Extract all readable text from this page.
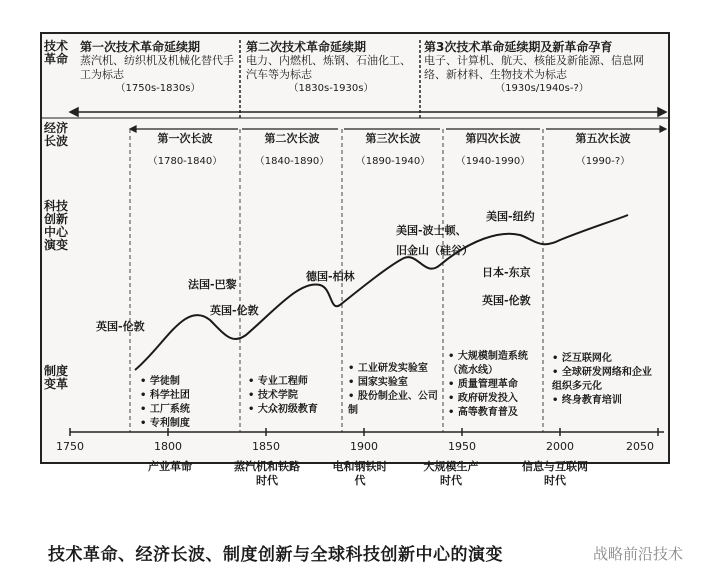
技术革命
经济长波
科技创新中心演变
制度变革
第一次技术革命延续期
蒸汽机、纺织机及机械化替代手工为标志
（1750s-1830s）
第二次技术革命延续期
电力、内燃机、炼钢、石油化工、汽车等为标志
（1830s-1930s）
第3次技术革命延续期及新革命孕育
电子、计算机、航天、核能及新能源、信息网络、新材料、生物技术为标志
（1930s/1940s-?）
第一次长波
（1780-1840）
第二次长波
（1840-1890）
第三次长波
（1890-1940）
第四次长波
（1940-1990）
第五次长波
（1990-?）
英国-伦敦
法国-巴黎
英国-伦敦
德国-柏林
美国-波士顿、
旧金山（硅谷）
美国-纽约
日本-东京
英国-伦敦
• 学徒制
• 科学社团
• 工厂系统
• 专利制度
• 专业工程师
• 技术学院
• 大众初级教育
• 工业研发实验室
• 国家实验室
• 股份制企业、公司制
• 大规模制造系统（流水线）
• 质量管理革命
• 政府研发投入
• 高等教育普及
• 泛互联网化
• 全球研发网络和企业组织多元化
• 终身教育培训
1750	1800	1850	1900	1950	2000	2050
产业革命	蒸汽机和铁路时代
电和钢铁时代
大规模生产时代
信息与互联网时代
技术革命、经济长波、制度创新与全球科技创新中心的演变	战略前沿技术
